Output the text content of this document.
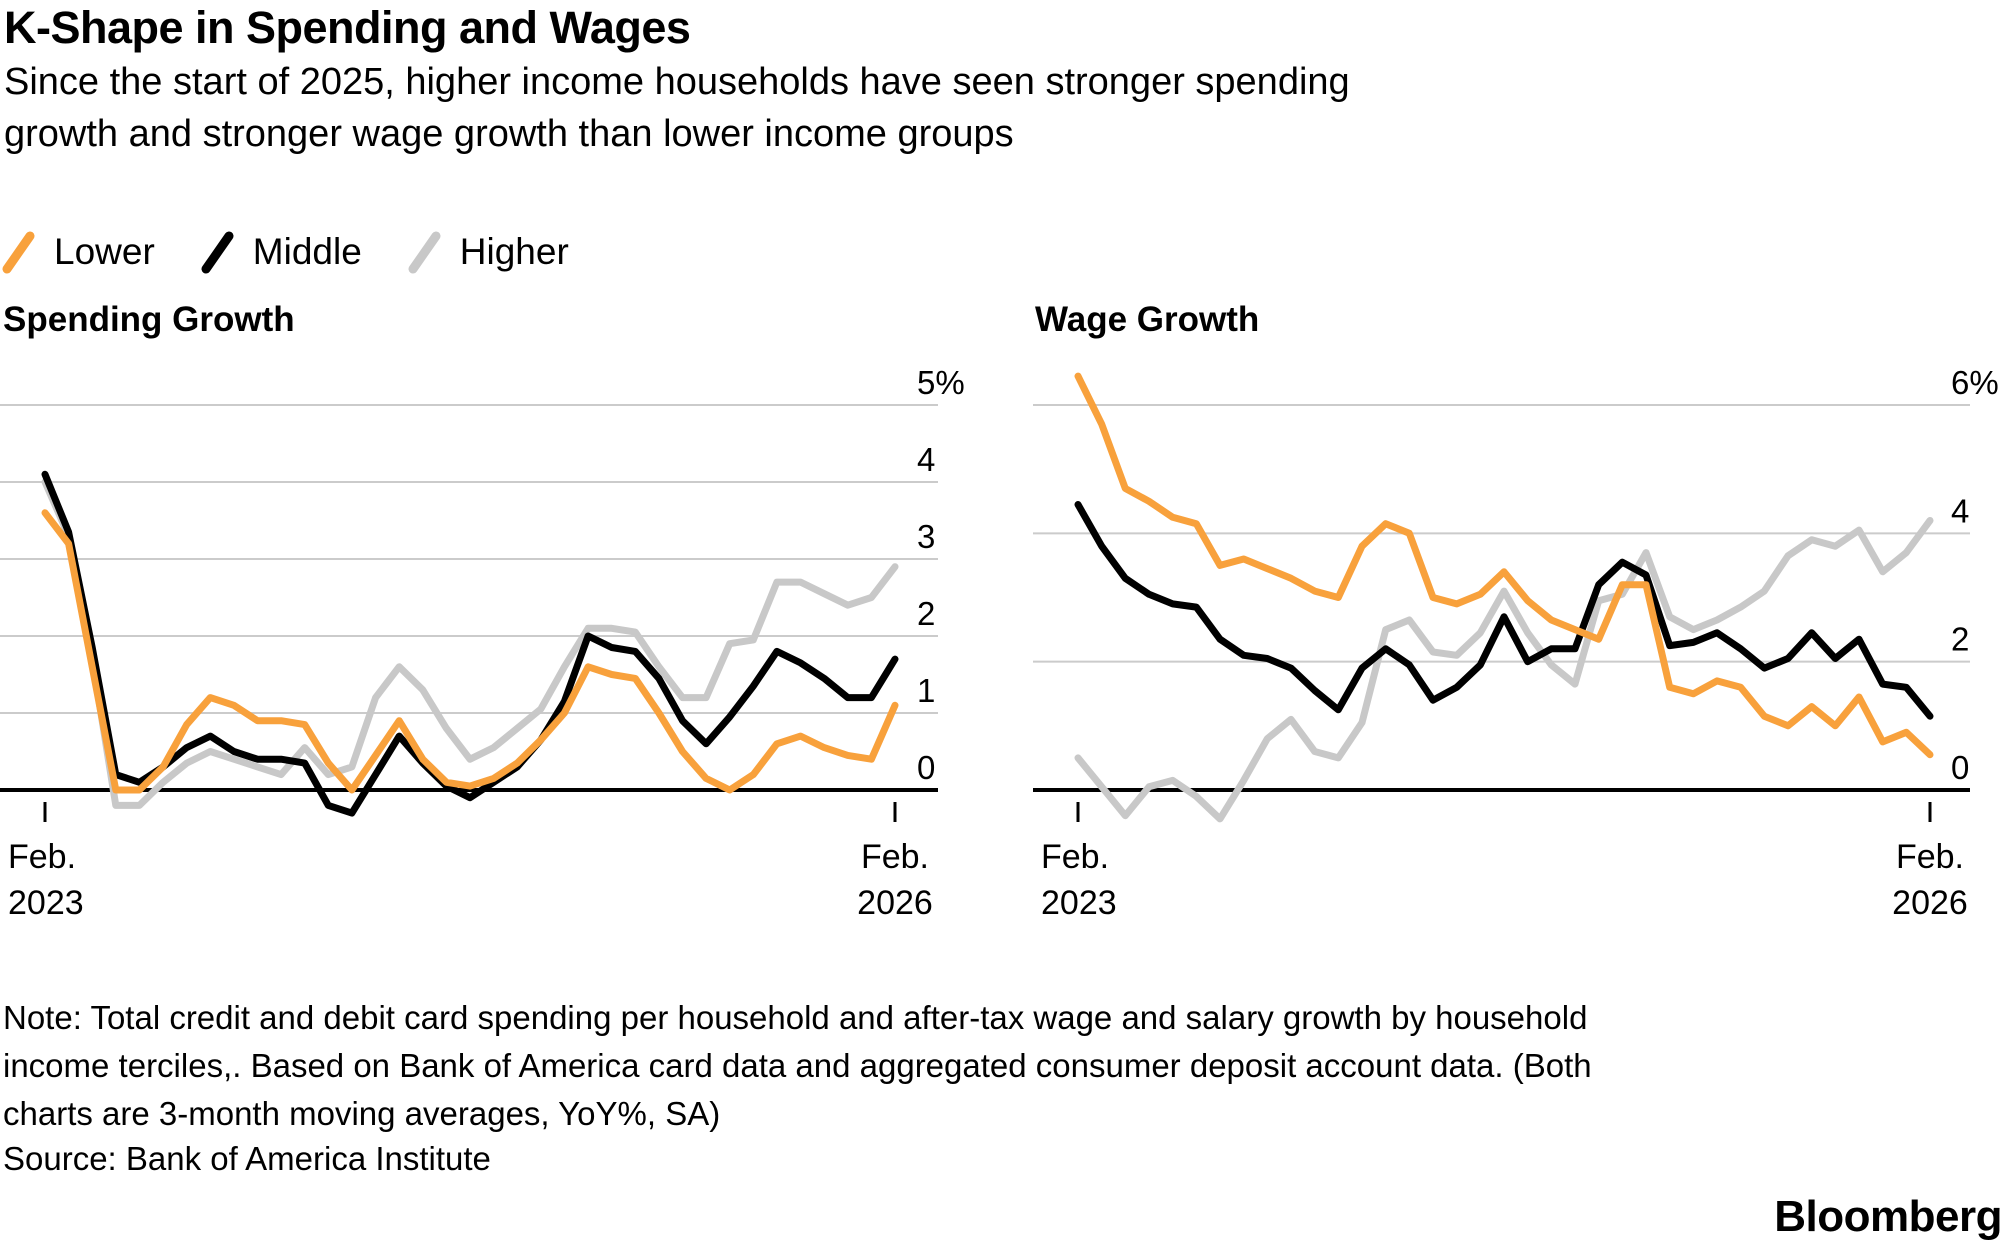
K-Shape in Spending and Wages
Since the start of 2025, higher income households have seen stronger spending
growth and stronger wage growth than lower income groups
Lower	Middle	Higher
Spending Growth	Wage Growth
5%
4
3
2
1
0
Feb.
2023
Feb.
2026
6%
4
2
0
Feb.
2023
Feb.
2026
Note: Total credit and debit card spending per household and after-tax wage and salary growth by household
income terciles,. Based on Bank of America card data and aggregated consumer deposit account data. (Both
charts are 3-month moving averages, YoY%, SA)
Source: Bank of America Institute
Bloomberg
